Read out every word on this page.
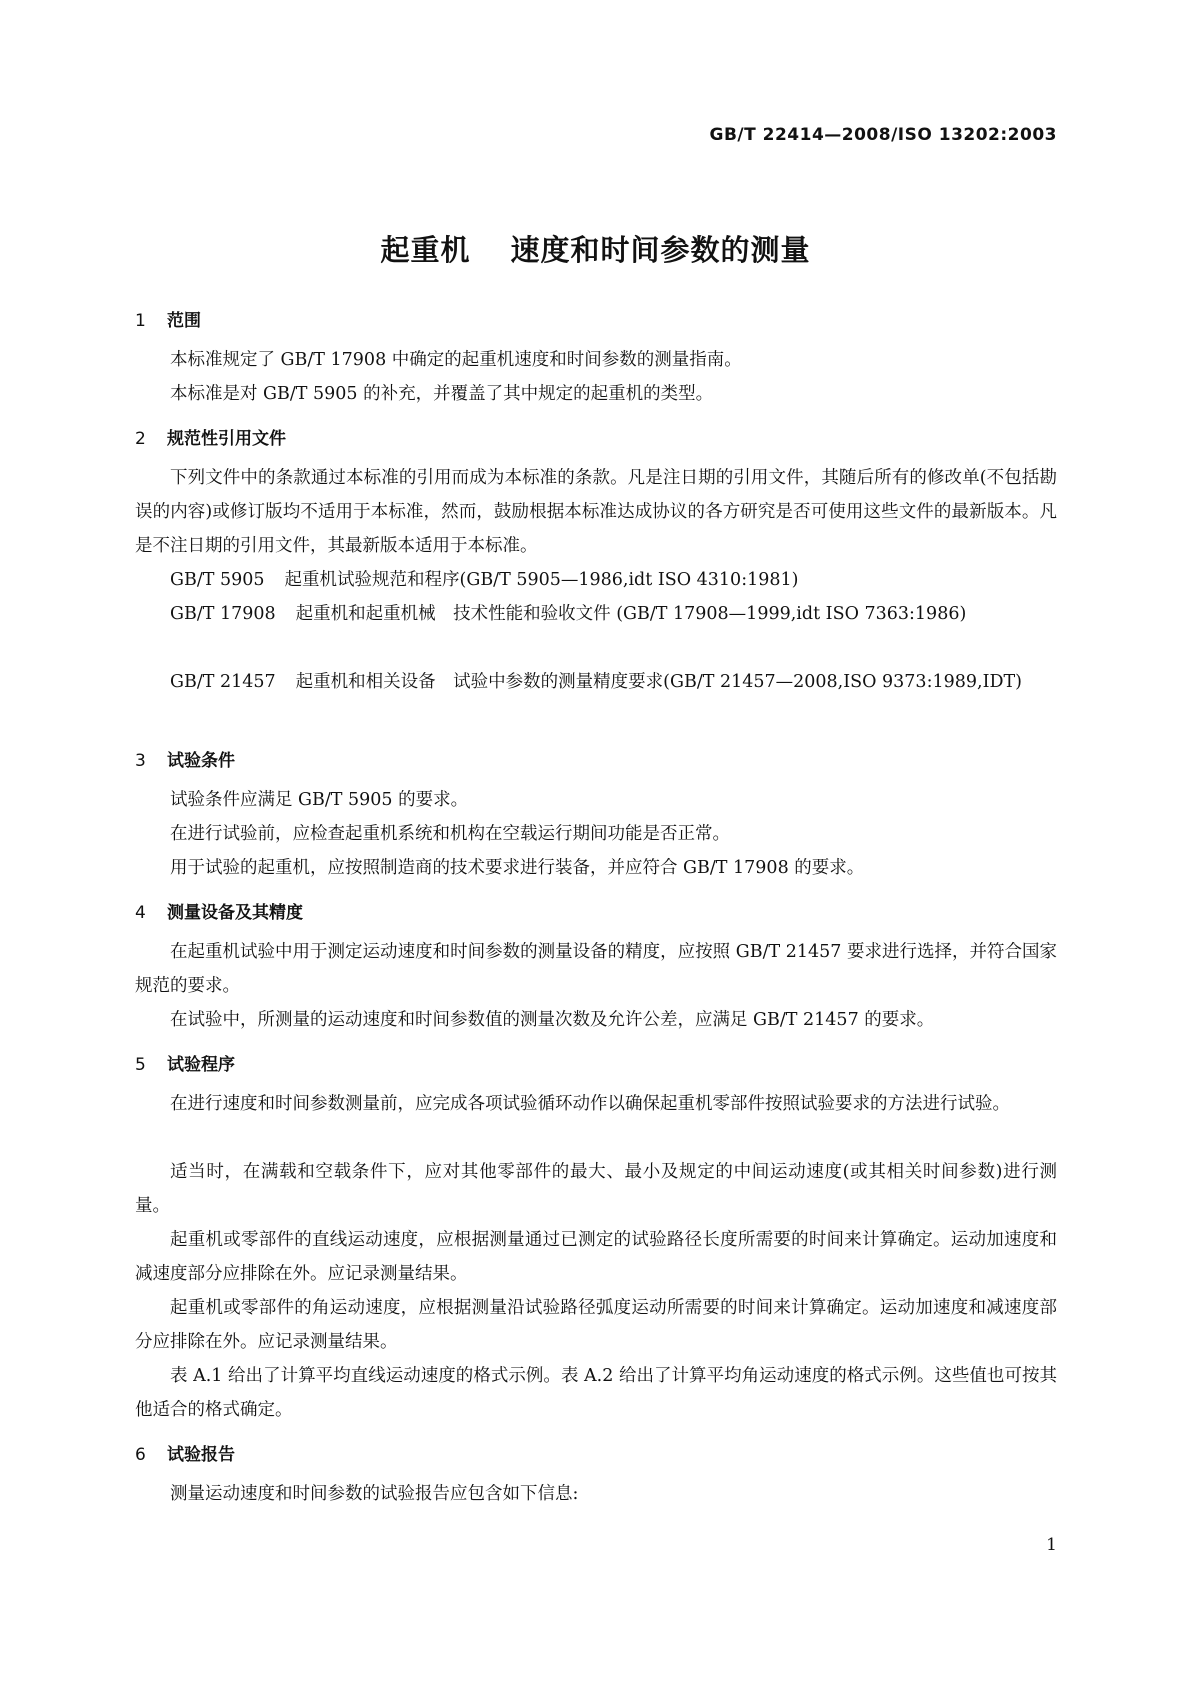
GB/T 22414—2008/ISO 13202:2003
起重机 速度和时间参数的测量
1 范围
本标准规定了 GB/T 17908 中确定的起重机速度和时间参数的测量指南。
本标准是对 GB/T 5905 的补充，并覆盖了其中规定的起重机的类型。
2 规范性引用文件
下列文件中的条款通过本标准的引用而成为本标准的条款。凡是注日期的引用文件，其随后所有的修改单(不包括勘误的内容)或修订版均不适用于本标准，然而，鼓励根据本标准达成协议的各方研究是否可使用这些文件的最新版本。凡是不注日期的引用文件，其最新版本适用于本标准。
GB/T 5905 起重机试验规范和程序(GB/T 5905—1986,idt ISO 4310:1981)
GB/T 17908 起重机和起重机械　技术性能和验收文件 (GB/T 17908—1999,idt ISO 7363:1986)
GB/T 21457 起重机和相关设备　试验中参数的测量精度要求(GB/T 21457—2008,ISO 9373:1989,IDT)
3 试验条件
试验条件应满足 GB/T 5905 的要求。
在进行试验前，应检查起重机系统和机构在空载运行期间功能是否正常。
用于试验的起重机，应按照制造商的技术要求进行装备，并应符合 GB/T 17908 的要求。
4 测量设备及其精度
在起重机试验中用于测定运动速度和时间参数的测量设备的精度，应按照 GB/T 21457 要求进行选择，并符合国家规范的要求。
在试验中，所测量的运动速度和时间参数值的测量次数及允许公差，应满足 GB/T 21457 的要求。
5 试验程序
在进行速度和时间参数测量前，应完成各项试验循环动作以确保起重机零部件按照试验要求的方法进行试验。
适当时，在满载和空载条件下，应对其他零部件的最大、最小及规定的中间运动速度(或其相关时间参数)进行测量。
起重机或零部件的直线运动速度，应根据测量通过已测定的试验路径长度所需要的时间来计算确定。运动加速度和减速度部分应排除在外。应记录测量结果。
起重机或零部件的角运动速度，应根据测量沿试验路径弧度运动所需要的时间来计算确定。运动加速度和减速度部分应排除在外。应记录测量结果。
表 A.1 给出了计算平均直线运动速度的格式示例。表 A.2 给出了计算平均角运动速度的格式示例。这些值也可按其他适合的格式确定。
6 试验报告
测量运动速度和时间参数的试验报告应包含如下信息:
1
